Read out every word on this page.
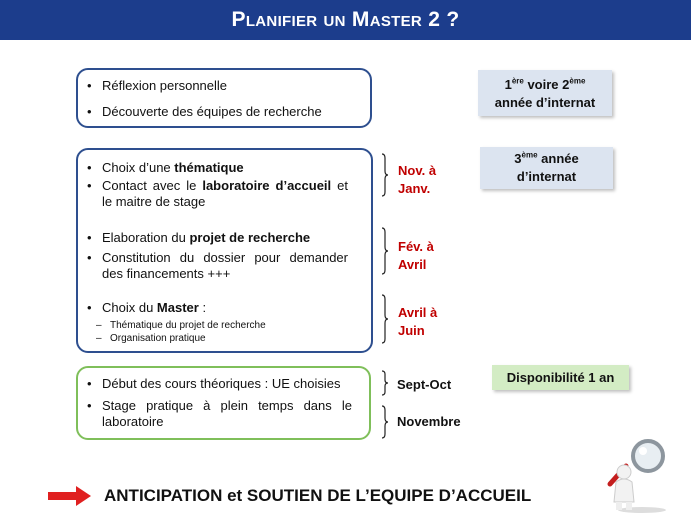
Planifier un Master 2 ?
• Réflexion personnelle
• Découverte des équipes de recherche
• Choix d’une thématique
• Contact avec le laboratoire d’accueil et le maitre de stage
• Elaboration du projet de recherche
• Constitution du dossier pour demander des financements +++
• Choix du Master :
– Thématique du projet de recherche
– Organisation pratique
• Début des cours théoriques : UE choisies
• Stage pratique à plein temps dans le laboratoire
Nov. à Janv.
Fév. à Avril
Avril à Juin
Sept-Oct
Novembre
1ère voire 2ème
année d’internat
3ème année
d’internat
Disponibilité 1 an
ANTICIPATION et SOUTIEN DE L’EQUIPE D’ACCUEIL
